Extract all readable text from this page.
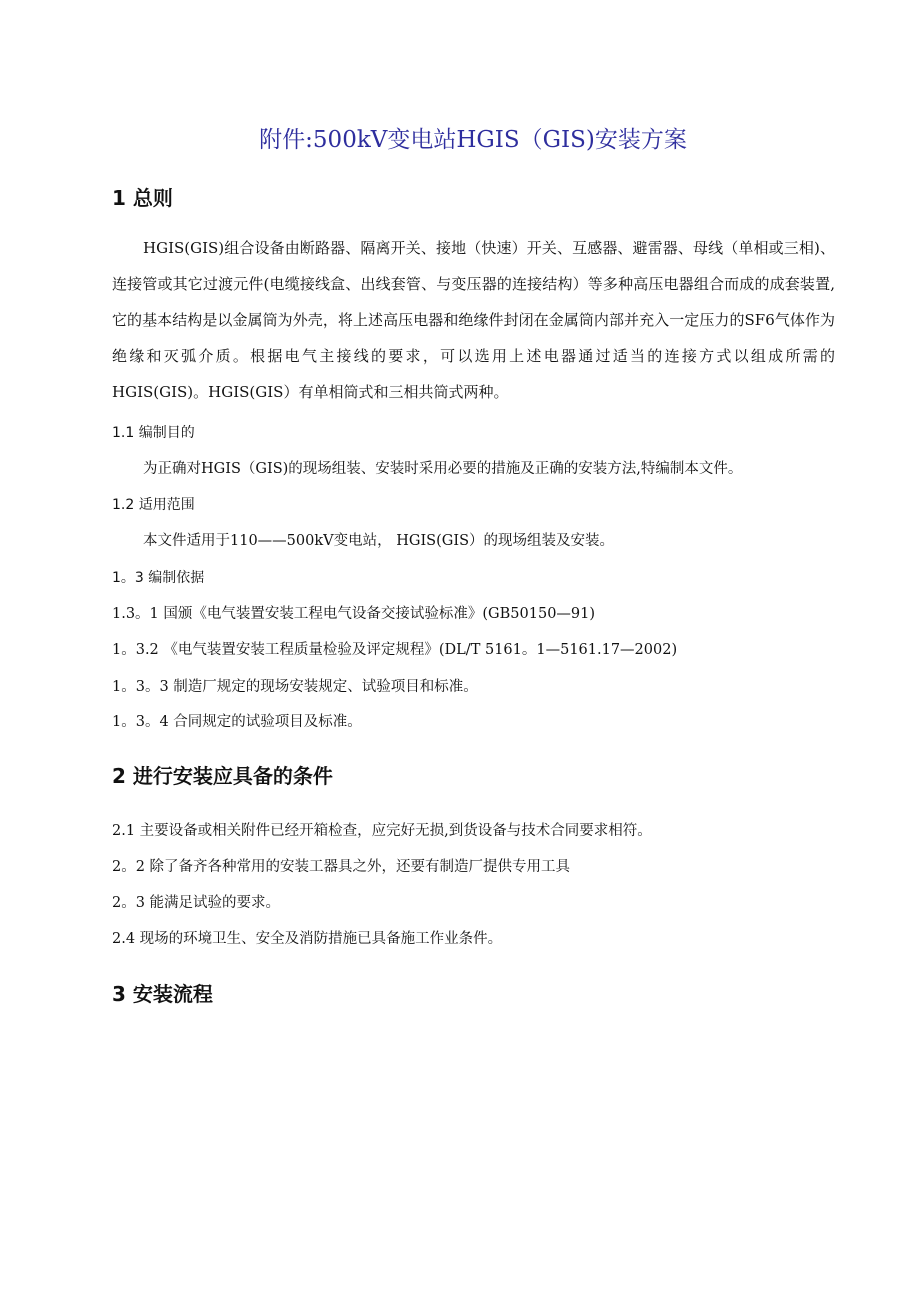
附件:500kV变电站HGIS（GIS)安装方案
1 总则
HGIS(GIS)组合设备由断路器、隔离开关、接地（快速）开关、互感器、避雷器、母线（单相或三相)、连接管或其它过渡元件(电缆接线盒、出线套管、与变压器的连接结构）等多种高压电器组合而成的成套装置,它的基本结构是以金属筒为外壳，将上述高压电器和绝缘件封闭在金属筒内部并充入一定压力的SF6气体作为绝缘和灭弧介质。根据电气主接线的要求，可以选用上述电器通过适当的连接方式以组成所需的HGIS(GIS)。HGIS(GIS）有单相筒式和三相共筒式两种。
1.1 编制目的
为正确对HGIS（GIS)的现场组装、安装时采用必要的措施及正确的安装方法,特编制本文件。
1.2 适用范围
本文件适用于110——500kV变电站， HGIS(GIS）的现场组装及安装。
1。3 编制依据
1.3。1 国颁《电气装置安装工程电气设备交接试验标准》(GB50150—91)
1。3.2 《电气装置安装工程质量检验及评定规程》(DL/T 5161。1—5161.17—2002)
1。3。3 制造厂规定的现场安装规定、试验项目和标准。
1。3。4 合同规定的试验项目及标准。
2 进行安装应具备的条件
2.1 主要设备或相关附件已经开箱检查，应完好无损,到货设备与技术合同要求相符。
2。2 除了备齐各种常用的安装工器具之外，还要有制造厂提供专用工具
2。3 能满足试验的要求。
2.4 现场的环境卫生、安全及消防措施已具备施工作业条件。
3 安装流程
